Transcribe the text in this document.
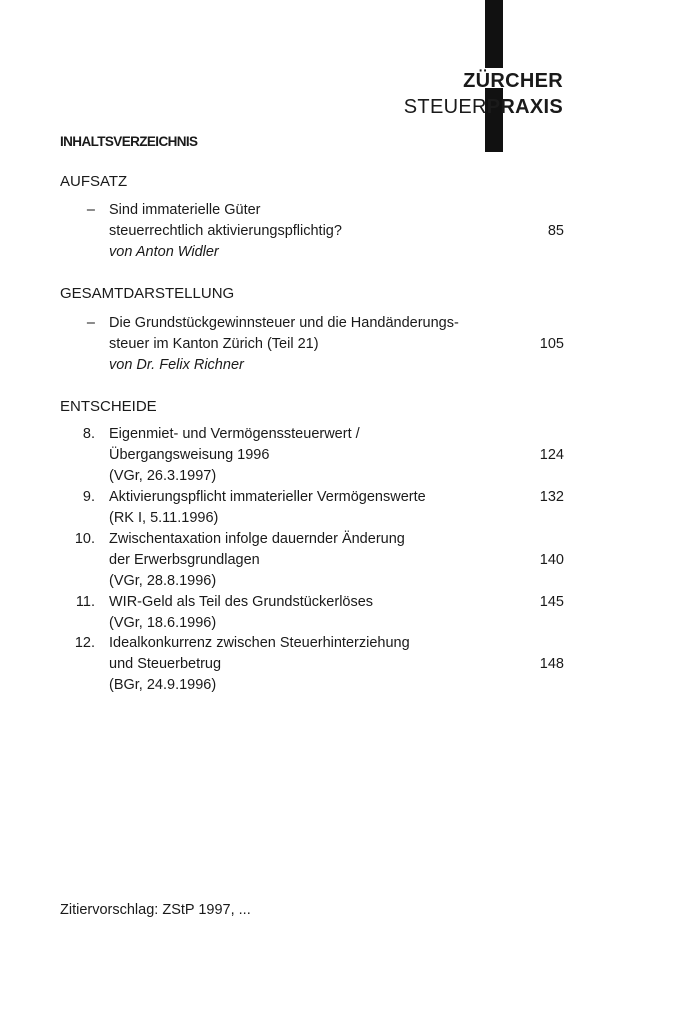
ZÜRCHER
STEUERPRAXIS
INHALTSVERZEICHNIS
AUFSATZ
– Sind immaterielle Güter
steuerrechtlich aktivierungspflichtig?
von Anton Widler
85
GESAMTDARSTELLUNG
– Die Grundstückgewinnsteuer und die Handänderungs-
steuer im Kanton Zürich (Teil 21)
von Dr. Felix Richner
105
ENTSCHEIDE
8. Eigenmiet- und Vermögenssteuerwert /
Übergangsweisung 1996
(VGr, 26.3.1997)
124
9. Aktivierungspflicht immaterieller Vermögenswerte
(RK I, 5.11.1996)
132
10. Zwischentaxation infolge dauernder Änderung
der Erwerbsgrundlagen
(VGr, 28.8.1996)
140
11. WIR-Geld als Teil des Grundstückerlöses
(VGr, 18.6.1996)
145
12. Idealkonkurrenz zwischen Steuerhinterziehung
und Steuerbetrug
(BGr, 24.9.1996)
148
Zitiervorschlag: ZStP 1997, ...
